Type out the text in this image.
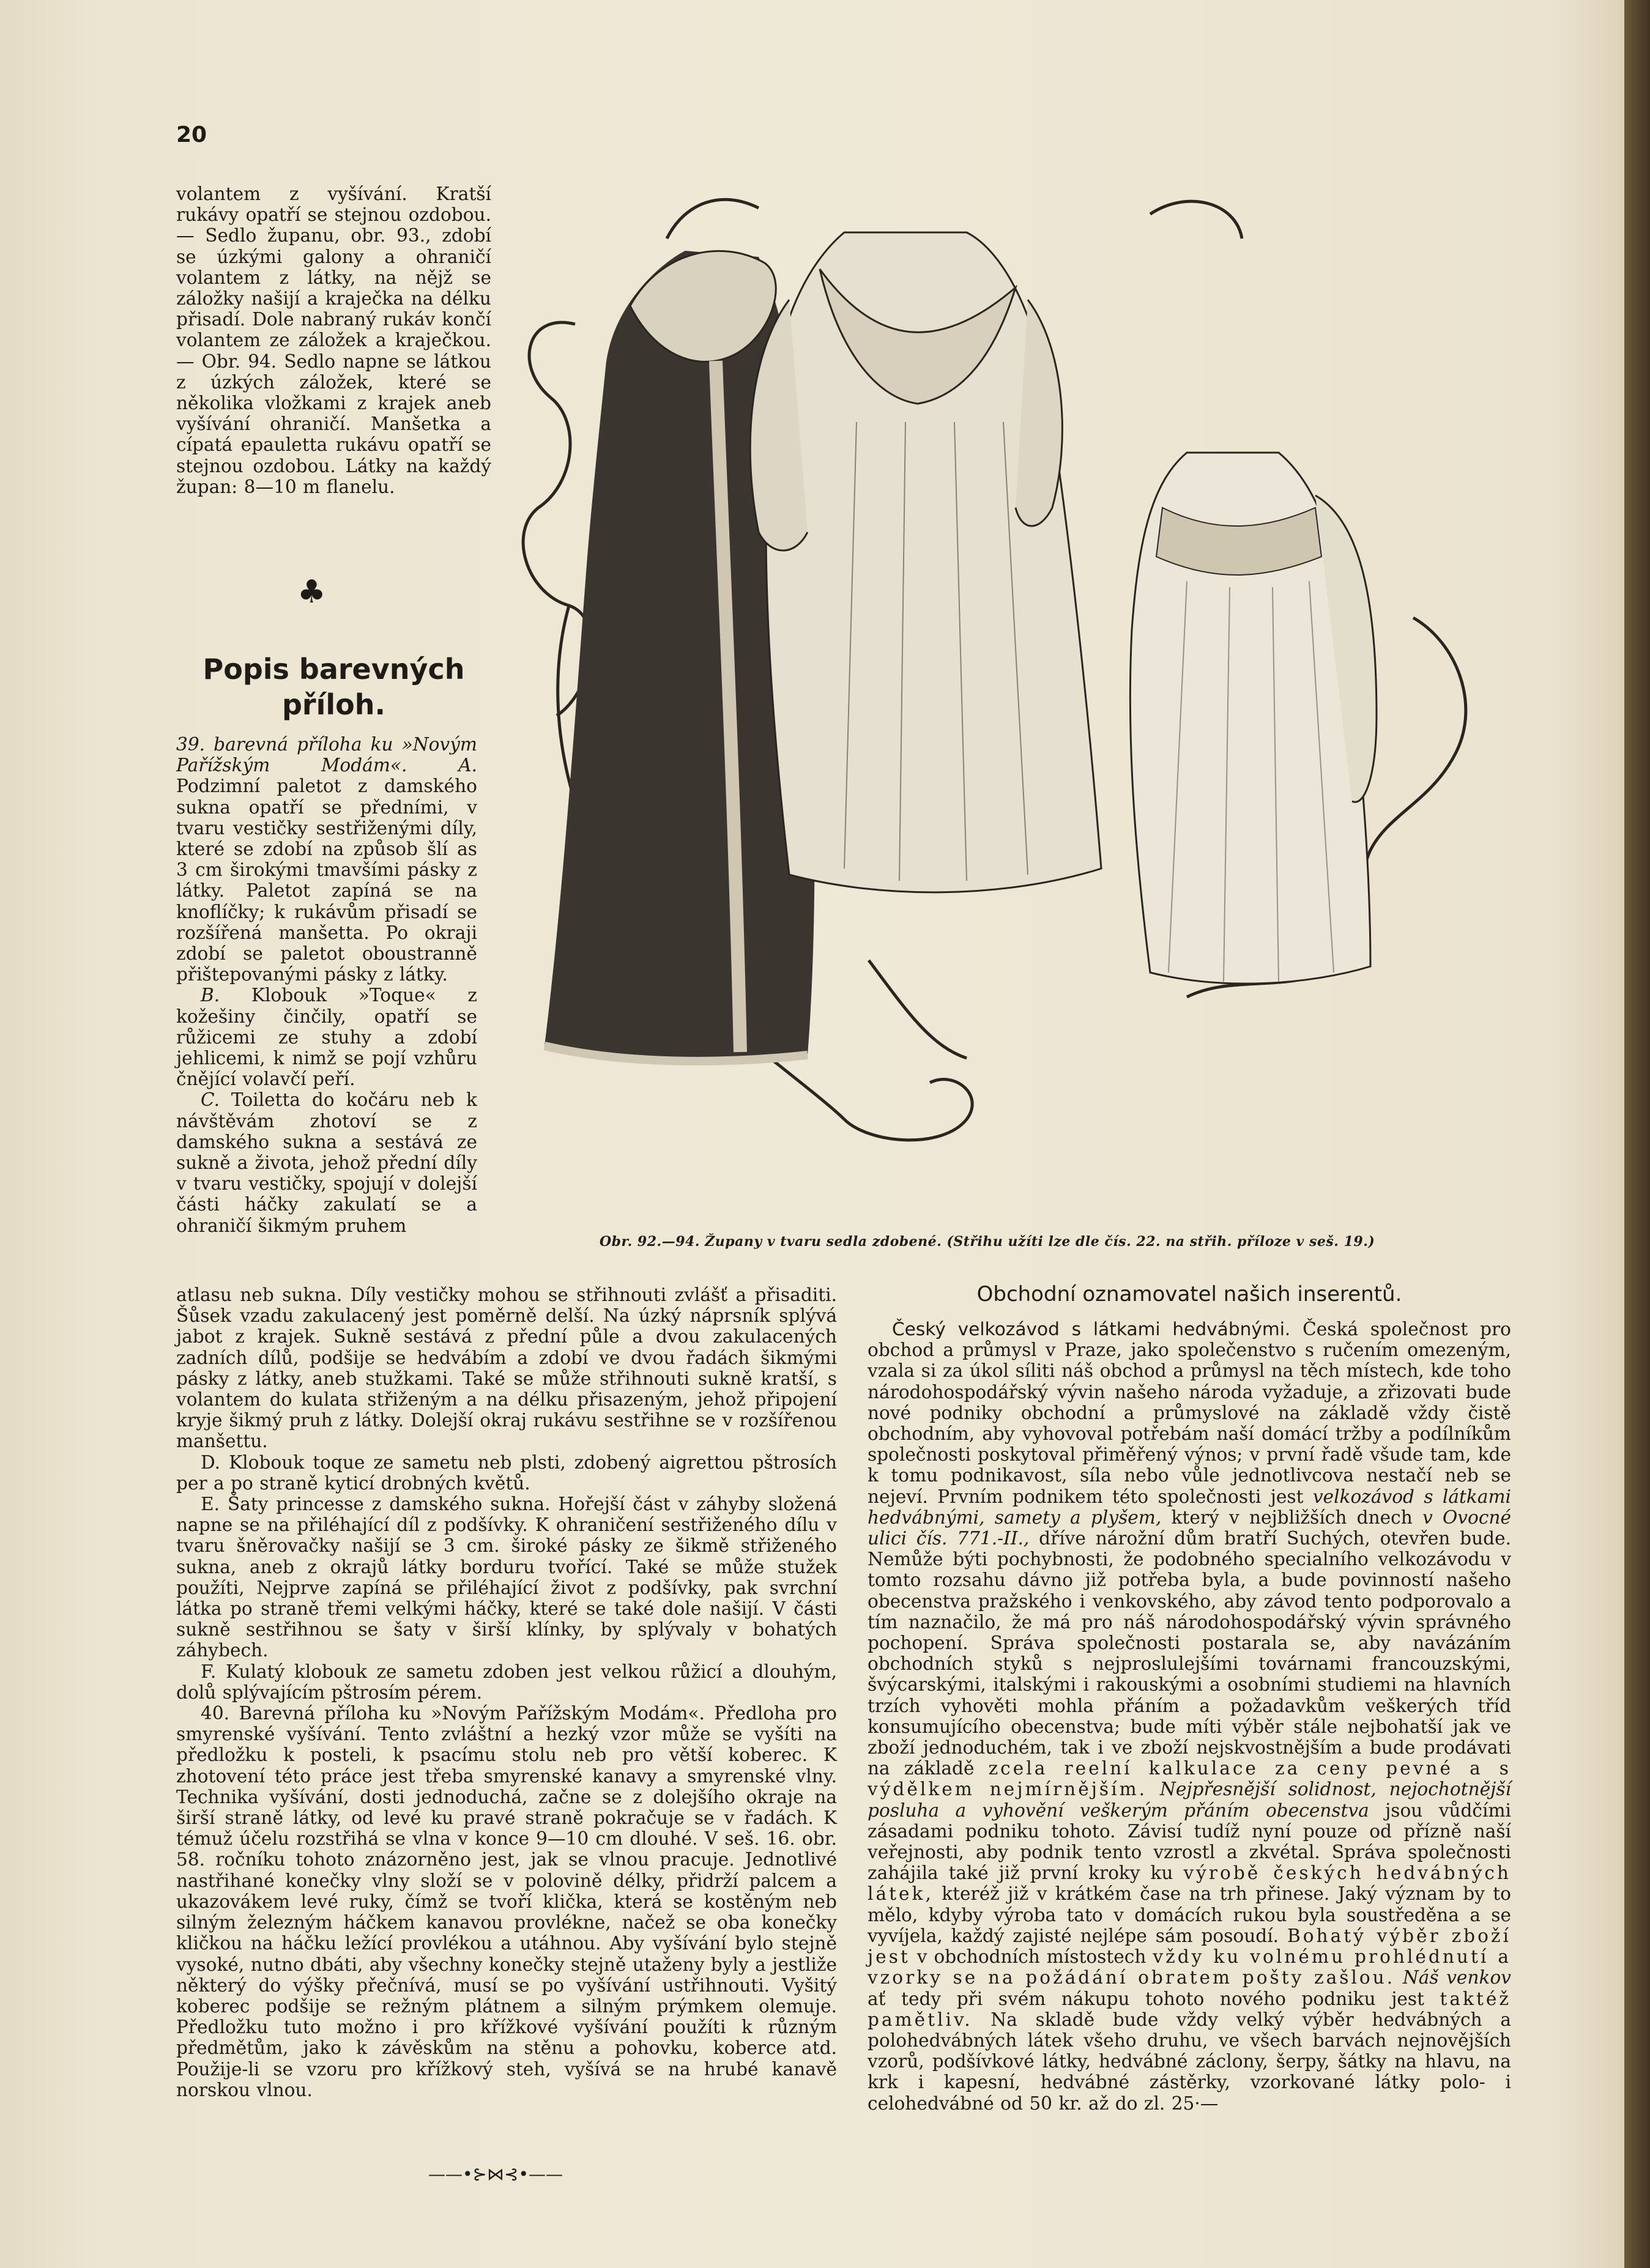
20

volantem z vyšívání. Kratší rukávy opatří se stejnou ozdobou. — Sedlo županu, obr. 93., zdobí se úzkými galony a ohraničí volantem z látky, na nějž se záložky našijí a kraječka na délku přisadí. Dole nabraný rukáv končí volantem ze záložek a kraječkou. — Obr. 94. Sedlo napne se látkou z úzkých záložek, které se několika vložkami z krajek aneb vyšívání ohraničí. Manšetka a cípatá epauletta rukávu opatří se stejnou ozdobou. Látky na každý župan: 8—10 m flanelu.

♣
Popis barevných příloh.

39. barevná příloha ku »Novým Pařížským Modám«.	A. Podzimní paletot z damského sukna opatří se předními, v tvaru vestičky sestřiženými díly, které se zdobí na způsob šlí as 3 cm širokými tmavšími pásky z látky. Paletot zapíná se na knoflíčky; k rukávům přisadí se rozšířená manšetta. Po okraji zdobí se paletot oboustranně přištepovanými pásky z látky.

B. Klobouk »Toque« z kožešiny činčily, opatří se růžicemi ze stuhy a zdobí jehlicemi, k nimž se pojí vzhůru čnějící volavčí peří.

C. Toiletta do kočáru neb k návštěvám zhotoví se z damského sukna a sestává ze sukně a života, jehož přední díly v tvaru vestičky, spojují v dolejší části háčky zakulatí se a ohraničí šikmým pruhem

atlasu neb sukna. Díly vestičky mohou se střihnouti zvlášť a přisaditi. Šůsek vzadu zakulacený jest poměrně delší. Na úzký náprsník splývá jabot z krajek. Sukně sestává z přední půle a dvou zakulacených zadních dílů, podšije se hedvábím a zdobí ve dvou řadách šikmými pásky z látky, aneb stužkami. Také se může střihnouti sukně kratší, s volantem do kulata střiženým a na délku přisazeným, jehož připojení kryje šikmý pruh z látky. Dolejší okraj rukávu sestřihne se v rozšířenou manšettu.

D. Klobouk toque ze sametu neb plsti, zdobený aigrettou pštrosích per a po straně kyticí drobných květů.

E. Šaty princesse z damského sukna. Hořejší část v záhyby složená napne se na přiléhající díl z podšívky. K ohraničení sestřiženého dílu v tvaru šněrovačky našijí se 3 cm. široké pásky ze šikmě střiženého sukna, aneb z okrajů látky borduru tvořící. Také se může stužek použíti, Nejprve zapíná se přiléhající život z podšívky, pak svrchní látka po straně třemi velkými háčky, které se také dole našijí. V části sukně sestřihnou se šaty v širší klínky, by splývaly v bohatých záhybech.

F. Kulatý klobouk ze sametu zdoben jest velkou růžicí a dlouhým, dolů splývajícím pštrosím pérem.

40. Barevná příloha ku »Novým Pařížským Modám«. Předloha pro smyrenské vyšívání. Tento zvláštní a hezký vzor může se vyšíti na předložku k posteli, k psacímu stolu neb pro větší koberec. K zhotovení této práce jest třeba smyrenské kanavy a smyrenské vlny. Technika vyšívání, dosti jednoduchá, začne se z dolejšího okraje na širší straně látky, od levé ku pravé straně pokračuje se v řadách. K témuž účelu rozstřihá se vlna v konce 9—10 cm dlouhé. V seš. 16. obr. 58. ročníku tohoto znázorněno jest, jak se vlnou pracuje. Jednotlivé nastřihané konečky vlny složí se v polovině délky, přidrží palcem a ukazovákem levé ruky, čímž se tvoří klička, která se kostěným neb silným železným háčkem kanavou provlékne, načež se oba konečky kličkou na háčku ležící provlékou a utáhnou. Aby vyšívání bylo stejně vysoké, nutno dbáti, aby všechny konečky stejně utaženy byly a jestliže některý do výšky přečnívá, musí se po vyšívání ustřihnouti. Vyšitý koberec podšije se režným plátnem a silným prýmkem olemuje. Předložku tuto možno i pro křížkové vyšívání použíti k různým předmětům, jako k závěskům na stěnu a pohovku, koberce atd. Použije-li se vzoru pro křížkový steh, vyšívá se na hrubé kanavě norskou vlnou.

——•⊱⋈⊰•——
Obr. 92.—94. Župany v tvaru sedla zdobené. (Střihu užíti lze dle čís. 22. na střih. příloze v seš. 19.)
Obchodní oznamovatel našich inserentů.

Český velkozávod s látkami hedvábnými. Česká společnost pro obchod a průmysl v Praze, jako společenstvo s ručením omezeným, vzala si za úkol síliti náš obchod a průmysl na těch místech, kde toho národohospodářský vývin našeho národa vyžaduje, a zřizovati bude nové podniky obchodní a průmyslové na základě vždy čistě obchodním, aby vyhovoval potřebám naší domácí tržby a podílníkům společnosti poskytoval přiměřený výnos; v první řadě všude tam, kde k tomu podnikavost, síla nebo vůle jednotlivcova nestačí neb se nejeví. Prvním podnikem této společnosti jest velkozávod s látkami hedvábnými, samety a plyšem, který v nejbližších dnech v Ovocné ulici čís. 771.-II., dříve nárožní dům bratří Suchých, otevřen bude. Nemůže býti pochybnosti, že podobného specialního velkozávodu v tomto rozsahu dávno již potřeba byla, a bude povinností našeho obecenstva pražského i venkovského, aby závod tento podporovalo a tím naznačilo, že má pro náš národohospodářský vývin správného pochopení. Správa společnosti postarala se, aby navázáním obchodních styků s nejproslulejšími továrnami francouzskými, švýcarskými, italskými i rakouskými a osobními studiemi na hlavních trzích vyhověti mohla přáním a požadavkům veškerých tříd konsumujícího obecenstva; bude míti výběr stále nejbohatší jak ve zboží jednoduchém, tak i ve zboží nejskvostnějším a bude prodávati na základě zcela reelní kalkulace za ceny pevné a s výdělkem nejmírnějším. Nejpřesnější solidnost, nejochotnější posluha a vyhovění veškerým přáním obecenstva jsou vůdčími zásadami podniku tohoto. Závisí tudíž nyní pouze od přízně naší veřejnosti, aby podnik tento vzrostl a zkvétal. Správa společnosti zahájila také již první kroky ku výrobě českých hedvábných látek, kteréž již v krátkém čase na trh přinese. Jaký význam by to mělo, kdyby výroba tato v domácích rukou byla soustředěna a se vyvíjela, každý zajisté nejlépe sám posoudí. Bohatý výběr zboží jest v obchodních místostech vždy ku volnému prohlédnutí a vzorky se na požádání obratem pošty zašlou. Náš venkov ať tedy při svém nákupu tohoto nového podniku jest taktéž pamětliv. Na skladě bude vždy velký výběr hedvábných a polohedvábných látek všeho druhu, ve všech barvách nejnovějších vzorů, podšívkové látky, hedvábné záclony, šerpy, šátky na hlavu, na krk i kapesní, hedvábné zástěrky, vzorkované látky polo- i celohedvábné od 50 kr. až do zl. 25·—
